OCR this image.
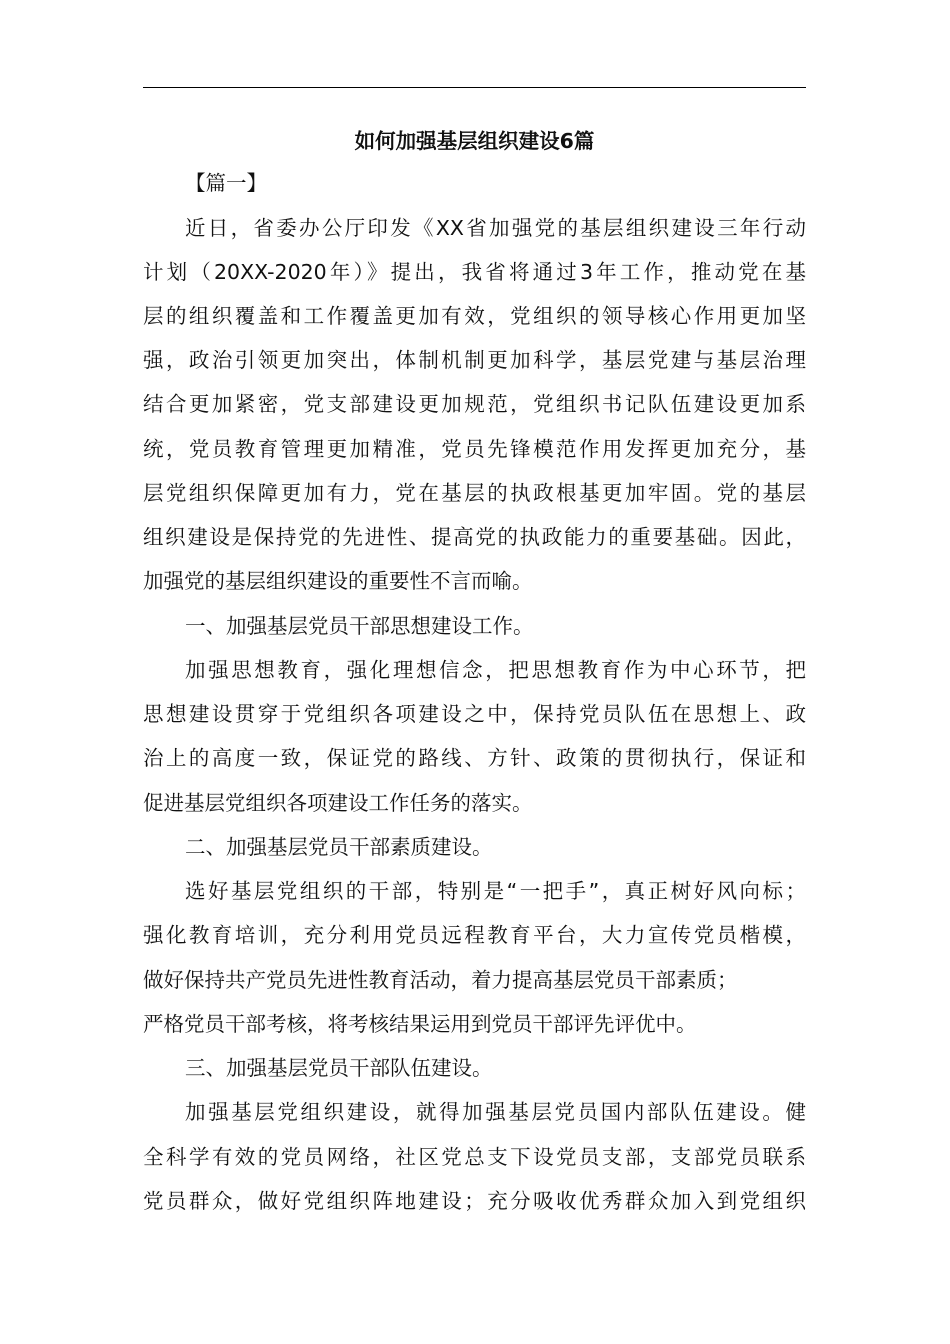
如何加强基层组织建设6篇

【篇一】

近日，省委办公厅印发《XX省加强党的基层组织建设三年行动

计划（20XX-2020年）》提出，我省将通过3年工作，推动党在基

层的组织覆盖和工作覆盖更加有效，党组织的领导核心作用更加坚

强，政治引领更加突出，体制机制更加科学，基层党建与基层治理

结合更加紧密，党支部建设更加规范，党组织书记队伍建设更加系

统，党员教育管理更加精准，党员先锋模范作用发挥更加充分，基

层党组织保障更加有力，党在基层的执政根基更加牢固。党的基层

组织建设是保持党的先进性、提高党的执政能力的重要基础。因此，

加强党的基层组织建设的重要性不言而喻。

一、加强基层党员干部思想建设工作。

加强思想教育，强化理想信念，把思想教育作为中心环节，把

思想建设贯穿于党组织各项建设之中，保持党员队伍在思想上、政

治上的高度一致，保证党的路线、方针、政策的贯彻执行，保证和

促进基层党组织各项建设工作任务的落实。

二、加强基层党员干部素质建设。

选好基层党组织的干部，特别是“一把手”，真正树好风向标；

强化教育培训，充分利用党员远程教育平台，大力宣传党员楷模，

做好保持共产党员先进性教育活动，着力提高基层党员干部素质；

严格党员干部考核，将考核结果运用到党员干部评先评优中。

三、加强基层党员干部队伍建设。

加强基层党组织建设，就得加强基层党员国内部队伍建设。健

全科学有效的党员网络，社区党总支下设党员支部，支部党员联系

党员群众，做好党组织阵地建设；充分吸收优秀群众加入到党组织
